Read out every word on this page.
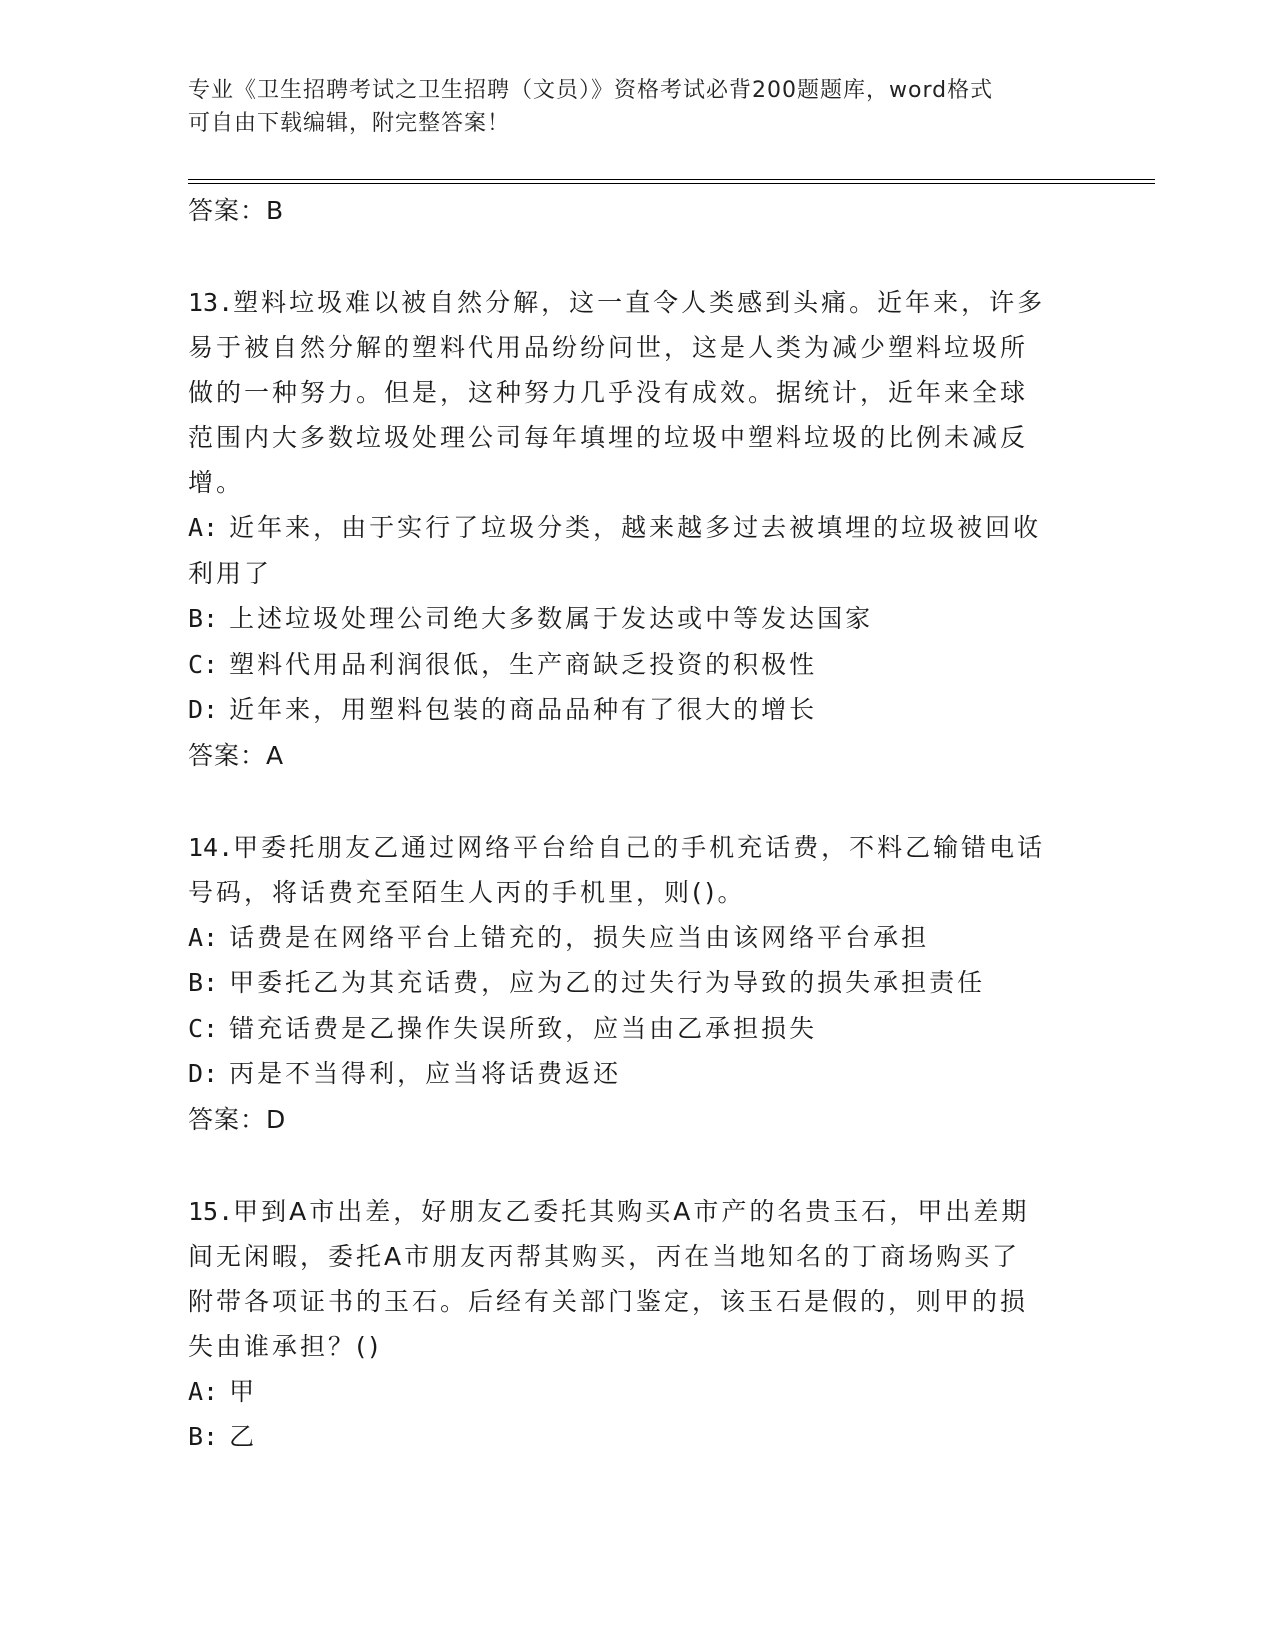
专业《卫生招聘考试之卫生招聘（文员）》资格考试必背200题题库，word格式
可自由下载编辑，附完整答案！
答案：B
13.塑料垃圾难以被自然分解，这一直令人类感到头痛。近年来，许多
易于被自然分解的塑料代用品纷纷问世，这是人类为减少塑料垃圾所
做的一种努力。但是，这种努力几乎没有成效。据统计，近年来全球
范围内大多数垃圾处理公司每年填埋的垃圾中塑料垃圾的比例未减反
增。
A: 近年来，由于实行了垃圾分类，越来越多过去被填埋的垃圾被回收
利用了
B: 上述垃圾处理公司绝大多数属于发达或中等发达国家
C: 塑料代用品利润很低，生产商缺乏投资的积极性
D: 近年来，用塑料包装的商品品种有了很大的增长
答案：A
14.甲委托朋友乙通过网络平台给自己的手机充话费，不料乙输错电话
号码，将话费充至陌生人丙的手机里，则()。
A: 话费是在网络平台上错充的，损失应当由该网络平台承担
B: 甲委托乙为其充话费，应为乙的过失行为导致的损失承担责任
C: 错充话费是乙操作失误所致，应当由乙承担损失
D: 丙是不当得利，应当将话费返还
答案：D
15.甲到A市出差，好朋友乙委托其购买A市产的名贵玉石，甲出差期
间无闲暇，委托A市朋友丙帮其购买，丙在当地知名的丁商场购买了
附带各项证书的玉石。后经有关部门鉴定，该玉石是假的，则甲的损
失由谁承担？()
A: 甲
B: 乙
